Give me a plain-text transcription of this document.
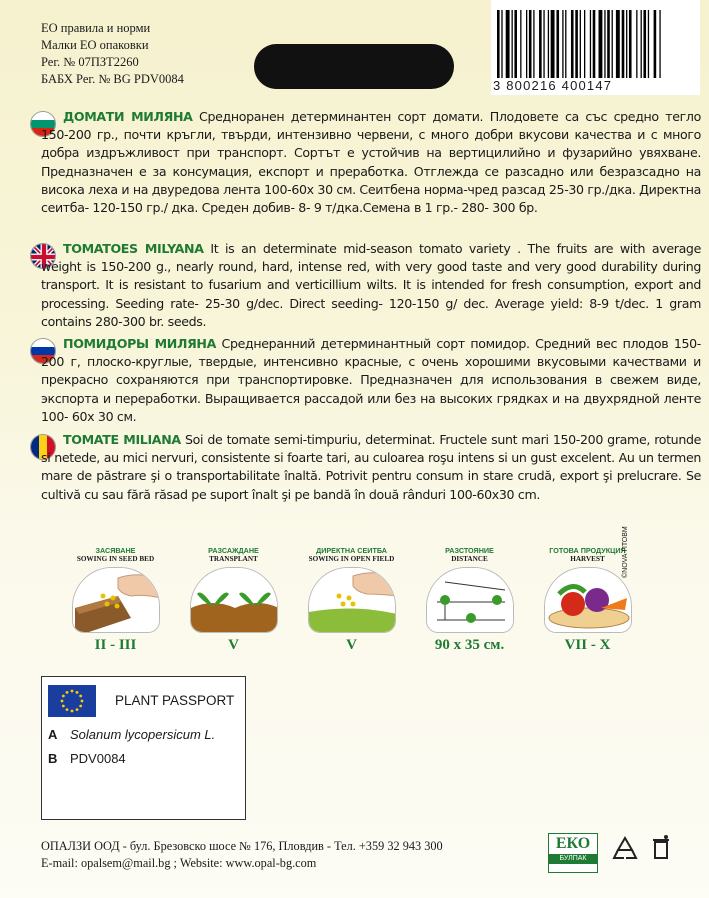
ЕО правила и норми
Малки ЕО опаковки
Рег. № 07ПЗТ2260
БАБХ Рег. № BG PDV0084	3 800216 400147
ДОМАТИ МИЛЯНА Средноранен детерминантен сорт домати. Плодовете са със средно тегло 150-200 гр., почти кръгли, твърди, интензивно червени, с много добри вкусови качества и с много добра издръжливост при транспорт. Сортът е устойчив на вертицилийно и фузарийно увяхване. Предназначен е за консумация, експорт и преработка. Отглежда се разсадно или безразсадно на висока леха и на двуредова лента 100-60х 30 см. Сеитбена норма-чред разсад 25-30 гр./дка. Директна сеитба- 120-150 гр./ дка. Среден добив- 8- 9 т/дка.Семена в 1 гр.- 280- 300 бр.
TOMATOES MILYANA It is an determinate mid-season tomato variety . The fruits are with average weight is 150-200 g., nearly round, hard, intense red, with very good taste and very good durability during transport. It is resistant to fusarium and verticillium wilts. It is intended for fresh consumption, export and processing. Seeding rate- 25-30 g/dec. Direct seeding- 120-150 g/ dec. Average yield: 8-9 t/dec. 1 gram contains 280-300 br. seeds.
ПОМИДОРЫ МИЛЯНА Среднеранний детерминантный сорт помидор. Средний вес плодов 150- 200 г, плоско-круглые, твердые, интенсивно красные, с очень хорошими вкусовыми качествами и прекрасно сохраняются при транспортировке. Предназначен для использования в свежем виде, экспорта и переработки. Выращивается рассадой или без на высоких грядках и на двухрядной ленте 100- 60х 30 см.
TOMATE MILIANA Soi de tomate semi-timpuriu, determinat. Fructele sunt mari 150-200 grame, rotunde si netede, au mici nervuri, consistente si foarte tari, au culoarea roşu intens si un gust excelent. Au un termen mare de păstrare şi o transportabilitate înaltă. Potrivit pentru consum in stare crudă, export şi prelucrare. Se cultivă cu sau fără răsad pe suport înalt şi pe bandă în două rânduri 100-60x30 cm.
ЗАСЯВАНЕ
SOWING IN SEED BED
II - III
РАЗСАЖДАНЕ
TRANSPLANT
V
ДИРЕКТНА СЕИТБА
SOWING IN OPEN FIELD
V
РАЗСТОЯНИЕ
DISTANCE
90 x 35 см.
ГОТОВА ПРОДУКЦИЯ
HARVEST
VII - X
©NOVA-ПТОВМ
PLANT PASSPORT
A Solanum lycopersicum L.
B PDV0084
ОПАЛЗИ ООД - бул. Брезовско шосе № 176, Пловдив - Тел. +359 32 943 300
E-mail: opalsem@mail.bg ; Website: www.opal-bg.com
ЕКО
БУЛПАК
